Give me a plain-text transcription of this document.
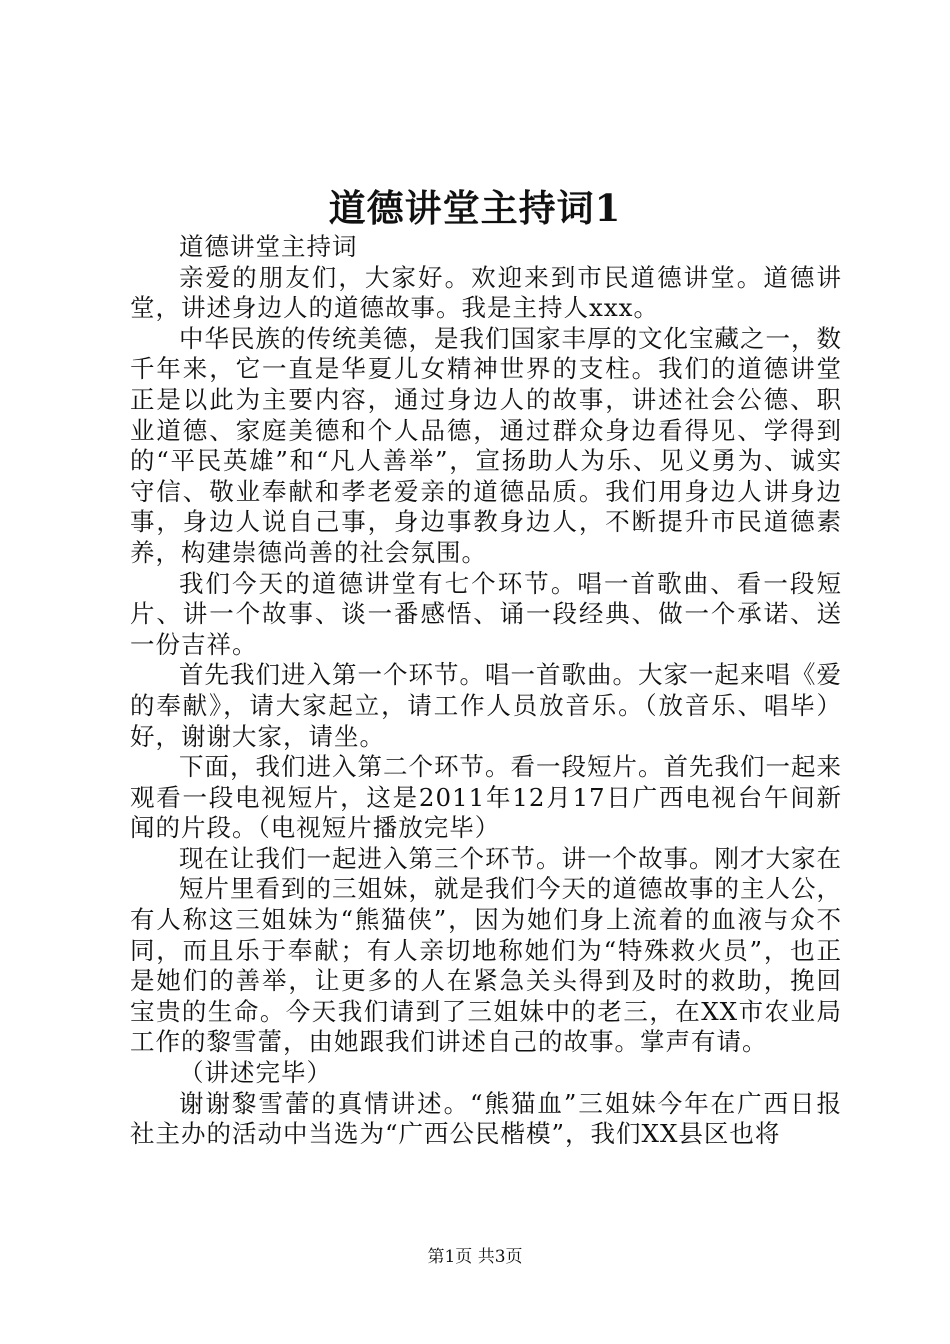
道德讲堂主持词1

道德讲堂主持词

亲爱的朋友们，大家好。欢迎来到市民道德讲堂。道德讲堂，讲述身边人的道德故事。我是主持人xxx。

中华民族的传统美德，是我们国家丰厚的文化宝藏之一，数千年来，它一直是华夏儿女精神世界的支柱。我们的道德讲堂正是以此为主要内容，通过身边人的故事，讲述社会公德、职业道德、家庭美德和个人品德，通过群众身边看得见、学得到的“平民英雄”和“凡人善举”，宣扬助人为乐、见义勇为、诚实守信、敬业奉献和孝老爱亲的道德品质。我们用身边人讲身边事，身边人说自己事，身边事教身边人，不断提升市民道德素养，构建崇德尚善的社会氛围。

我们今天的道德讲堂有七个环节。唱一首歌曲、看一段短片、讲一个故事、谈一番感悟、诵一段经典、做一个承诺、送一份吉祥。

首先我们进入第一个环节。唱一首歌曲。大家一起来唱《爱的奉献》，请大家起立，请工作人员放音乐。（放音乐、唱毕）好，谢谢大家，请坐。

下面，我们进入第二个环节。看一段短片。首先我们一起来观看一段电视短片，这是2011年12月17日广西电视台午间新闻的片段。（电视短片播放完毕）

现在让我们一起进入第三个环节。讲一个故事。刚才大家在

短片里看到的三姐妹，就是我们今天的道德故事的主人公，有人称这三姐妹为“熊猫侠”，因为她们身上流着的血液与众不同，而且乐于奉献；有人亲切地称她们为“特殊救火员”，也正是她们的善举，让更多的人在紧急关头得到及时的救助，挽回宝贵的生命。今天我们请到了三姐妹中的老三，在XX市农业局工作的黎雪蕾，由她跟我们讲述自己的故事。掌声有请。

（讲述完毕）

谢谢黎雪蕾的真情讲述。“熊猫血”三姐妹今年在广西日报社主办的活动中当选为“广西公民楷模”，我们XX县区也将

第1页 共3页
